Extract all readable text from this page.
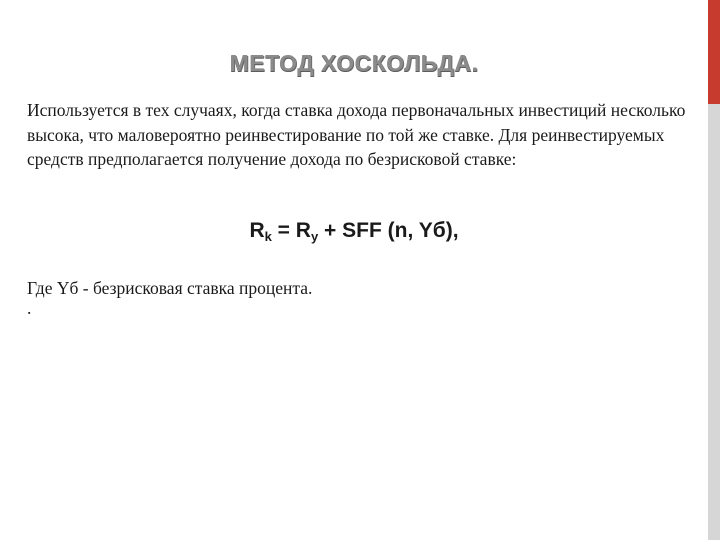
МЕТОД ХОСКОЛЬДА.
Используется в тех случаях, когда ставка дохода первоначальных инвестиций несколько высока, что маловероятно реинвестирование по той же ставке. Для реинвестируемых средств предполагается получение дохода по безрисковой ставке:
$R_k = R_y$ + SFF (n, Yб),
Где Yб - безрисковая ставка процента.
.
